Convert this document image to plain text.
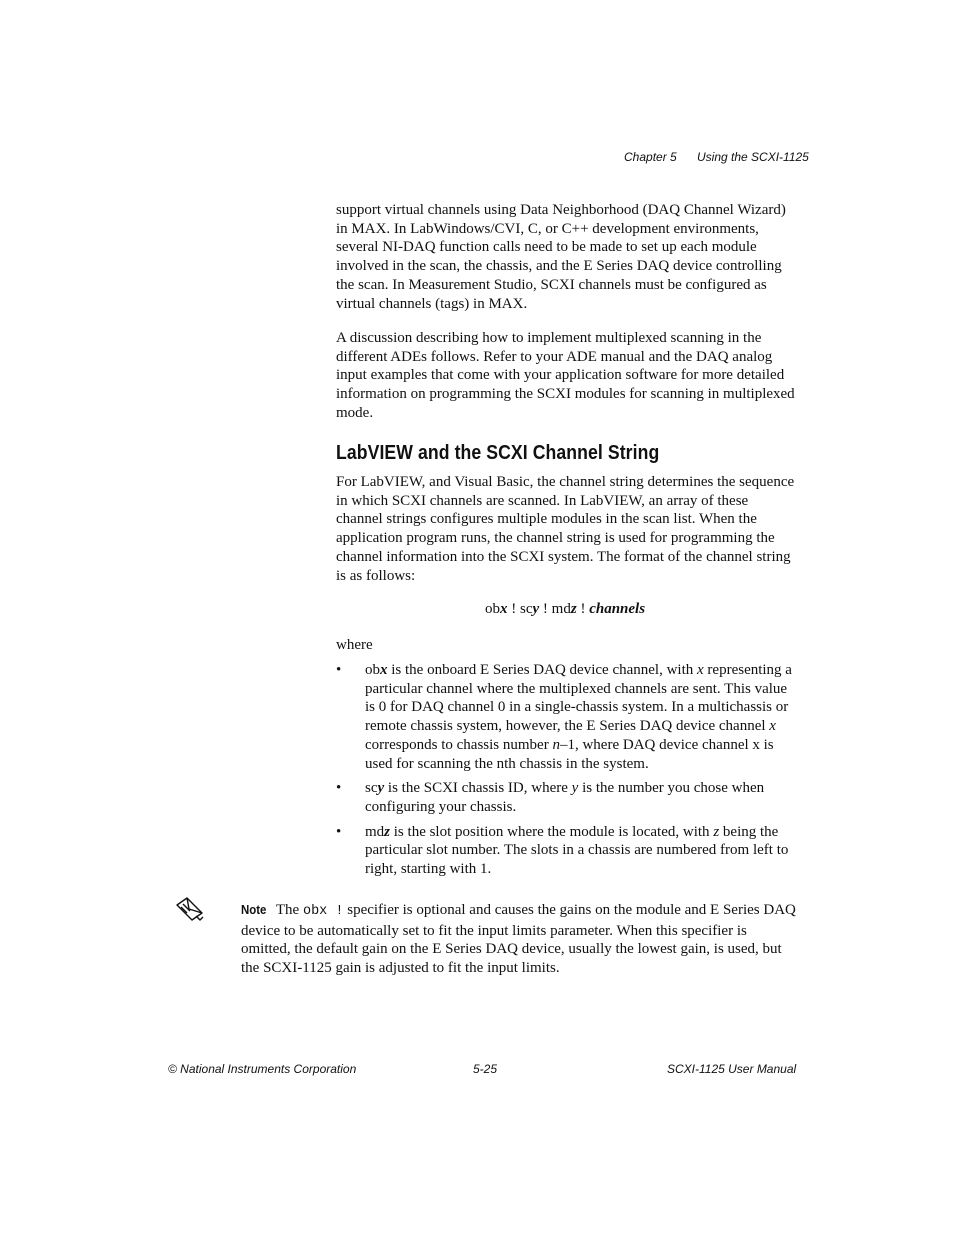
Chapter 5 Using the SCXI-1125

support virtual channels using Data Neighborhood (DAQ Channel Wizard) in MAX. In LabWindows/CVI, C, or C++ development environments, several NI-DAQ function calls need to be made to set up each module involved in the scan, the chassis, and the E Series DAQ device controlling the scan. In Measurement Studio, SCXI channels must be configured as virtual channels (tags) in MAX.

A discussion describing how to implement multiplexed scanning in the different ADEs follows. Refer to your ADE manual and the DAQ analog input examples that come with your application software for more detailed information on programming the SCXI modules for scanning in multiplexed mode.

LabVIEW and the SCXI Channel String

For LabVIEW, and Visual Basic, the channel string determines the sequence in which SCXI channels are scanned. In LabVIEW, an array of these channel strings configures multiple modules in the scan list. When the application program runs, the channel string is used for programming the channel information into the SCXI system. The format of the channel string is as follows:

obx ! scy ! mdz ! channels

where

• obx is the onboard E Series DAQ device channel, with x representing a particular channel where the multiplexed channels are sent. This value is 0 for DAQ channel 0 in a single-chassis system. In a multichassis or remote chassis system, however, the E Series DAQ device channel x corresponds to chassis number n–1, where DAQ device channel x is used for scanning the nth chassis in the system.
• scy is the SCXI chassis ID, where y is the number you chose when configuring your chassis.
• mdz is the slot position where the module is located, with z being the particular slot number. The slots in a chassis are numbered from left to right, starting with 1.
Note The obx ! specifier is optional and causes the gains on the module and E Series DAQ device to be automatically set to fit the input limits parameter. When this specifier is omitted, the default gain on the E Series DAQ device, usually the lowest gain, is used, but the SCXI-1125 gain is adjusted to fit the input limits.
© National Instruments Corporation	5-25	SCXI-1125 User Manual
